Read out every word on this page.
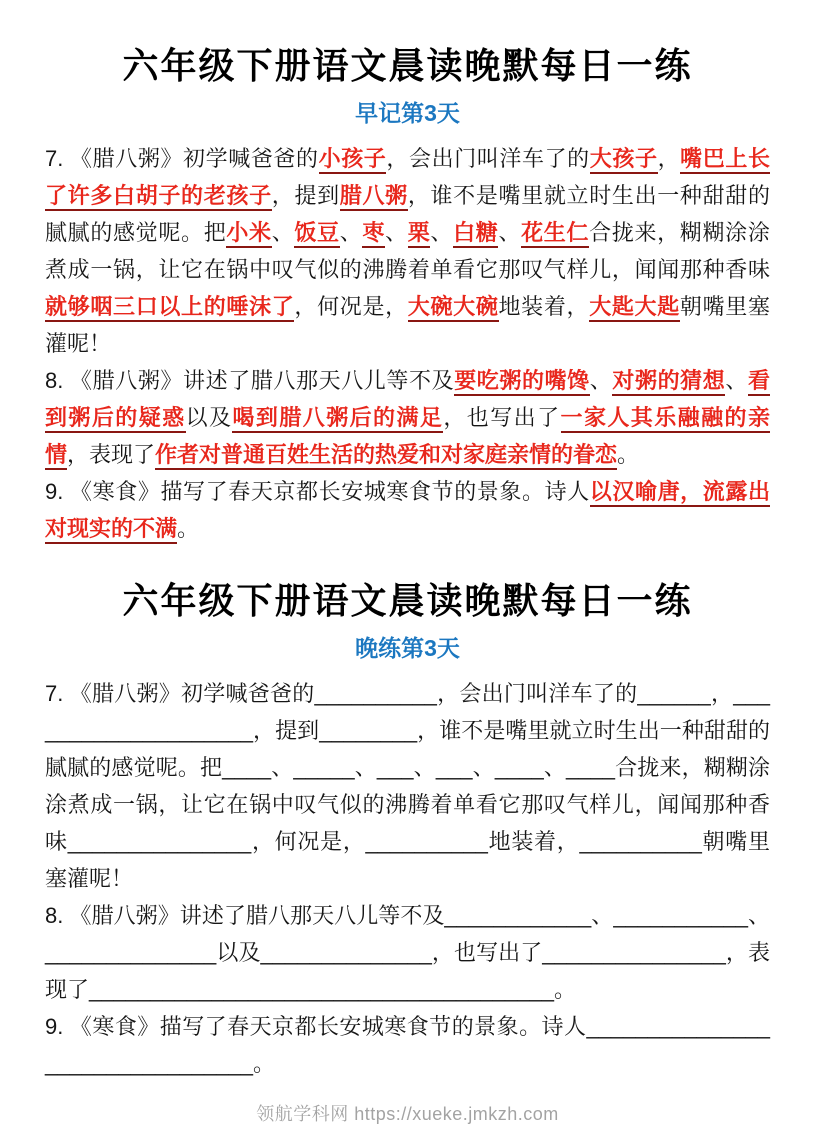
六年级下册语文晨读晚默每日一练
早记第3天

7. 《腊八粥》初学喊爸爸的小孩子，会出门叫洋车了的大孩子，嘴巴上长了许多白胡子的老孩子，提到腊八粥，谁不是嘴里就立时生出一种甜甜的腻腻的感觉呢。把小米、饭豆、枣、栗、白糖、花生仁合拢来，糊糊涂涂煮成一锅，让它在锅中叹气似的沸腾着单看它那叹气样儿，闻闻那种香味就够咽三口以上的唾沫了，何况是，大碗大碗地装着，大匙大匙朝嘴里塞灌呢！

8. 《腊八粥》讲述了腊八那天八儿等不及要吃粥的嘴馋、对粥的猜想、看到粥后的疑惑以及喝到腊八粥后的满足，也写出了一家人其乐融融的亲情，表现了作者对普通百姓生活的热爱和对家庭亲情的眷恋。

9. 《寒食》描写了春天京都长安城寒食节的景象。诗人以汉喻唐，流露出对现实的不满。

六年级下册语文晨读晚默每日一练
晚练第3天

7. 《腊八粥》初学喊爸爸的__________，会出门叫洋车了的______，____________________，提到________，谁不是嘴里就立时生出一种甜甜的腻腻的感觉呢。把____、_____、___、___、____、____合拢来，糊糊涂涂煮成一锅，让它在锅中叹气似的沸腾着单看它那叹气样儿，闻闻那种香味_______________，何况是，__________地装着，__________朝嘴里塞灌呢！

8. 《腊八粥》讲述了腊八那天八儿等不及____________、___________、______________以及______________，也写出了_______________，表现了______________________________________。

9. 《寒食》描写了春天京都长安城寒食节的景象。诗人________________________________。

领航学科网 https://xueke.jmkzh.com
